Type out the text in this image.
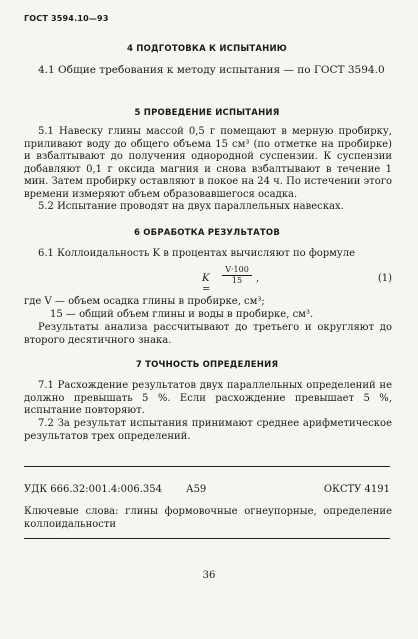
ГОСТ 3594.10—93
4 ПОДГОТОВКА К ИСПЫТАНИЮ
4.1 Общие требования к методу испытания — по ГОСТ 3594.0
5 ПРОВЕДЕНИЕ ИСПЫТАНИЯ
5.1 Навеску глины массой 0,5 г помещают в мерную пробирку, приливают воду до общего объема 15 см³ (по отметке на пробирке) и взбалтывают до получения однородной суспензии. К суспензии добавляют 0,1 г оксида магния и снова взбалтывают в течение 1 мин. Затем пробирку оставляют в покое на 24 ч. По истечении этого времени измеряют объем образовавшегося осадка.
5.2 Испытание проводят на двух параллельных навесках.
6 ОБРАБОТКА РЕЗУЛЬТАТОВ
6.1 Коллоидальность K в процентах вычисляют по формуле
K =
$\frac{V\cdot 100}{15}$ ,	(1)
где V — объем осадка глины в пробирке, см³;
15 — общий объем глины и воды в пробирке, см³.
Результаты анализа рассчитывают до третьего и округляют до второго десятичного знака.
7 ТОЧНОСТЬ ОПРЕДЕЛЕНИЯ
7.1 Расхождение результатов двух параллельных определений не должно превышать 5 %. Если расхождение превышает 5 %, испытание повторяют.
7.2 За результат испытания принимают среднее арифметическое результатов трех определений.
УДК 666.32:001.4:006.354 А59	ОКСТУ 4191
Ключевые слова: глины формовочные огнеупорные, определение коллоидальности
36
